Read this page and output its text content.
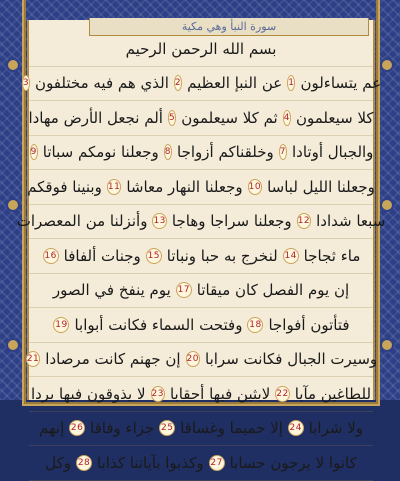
سورة النبأ وهي مكية
بسم الله الرحمن الرحيم
عم يتساءلون
1
عن النبإ العظيم
2
الذي هم فيه مختلفون
3
كلا سيعلمون
4
ثم كلا سيعلمون
5
ألم نجعل الأرض مهادا
والجبال أوتادا
7
وخلقناكم أزواجا
8
وجعلنا نومكم سباتا
9
وجعلنا الليل لباسا
10
وجعلنا النهار معاشا
11
وبنينا فوقكم
سبعا شدادا
12
وجعلنا سراجا وهاجا
13
وأنزلنا من المعصرات
ماء ثجاجا
14
لنخرج به حبا ونباتا
15
وجنات ألفافا
16
إن يوم الفصل كان ميقاتا
17
يوم ينفخ في الصور
فتأتون أفواجا
18
وفتحت السماء فكانت أبوابا
19
وسيرت الجبال فكانت سرابا
20
إن جهنم كانت مرصادا
21
للطاغين مآبا
22
لابثين فيها أحقابا
23
لا يذوقون فيها بردا
ولا شرابا
24
إلا حميما وغساقا
25
جزاء وفاقا
26
إنهم
كانوا لا يرجون حسابا
27
وكذبوا بآياتنا كذابا
28
وكل
